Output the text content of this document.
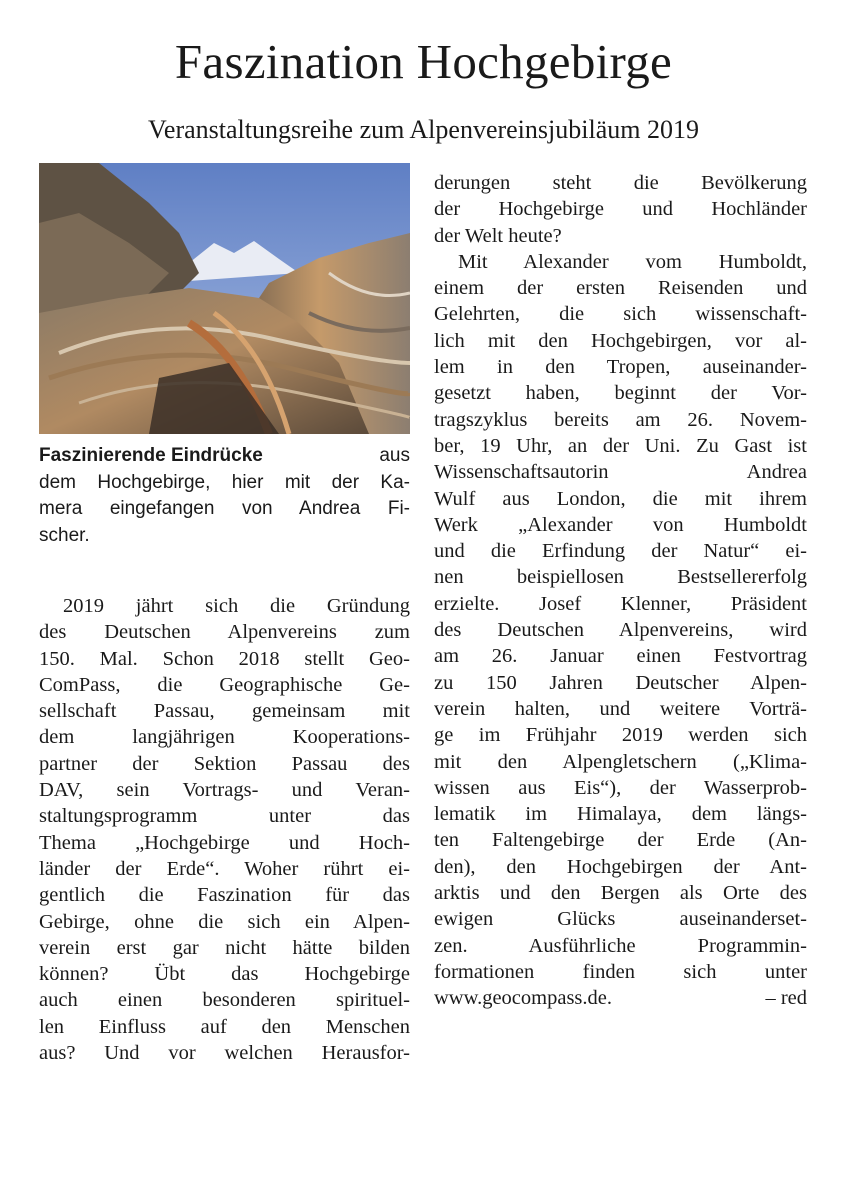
Faszination Hochgebirge
Veranstaltungsreihe zum Alpenvereinsjubiläum 2019
Faszinierende Eindrücke	aus
dem Hochgebirge, hier mit der Ka-
mera eingefangen von Andrea Fi-
scher.
2019 jährt sich die Gründung
des Deutschen Alpenvereins zum
150. Mal. Schon 2018 stellt Geo-
ComPass, die Geographische Ge-
sellschaft Passau, gemeinsam mit
dem langjährigen Kooperations-
partner der Sektion Passau des
DAV, sein Vortrags- und Veran-
staltungsprogramm unter das
Thema „Hochgebirge und Hoch-
länder der Erde“. Woher rührt ei-
gentlich die Faszination für das
Gebirge, ohne die sich ein Alpen-
verein erst gar nicht hätte bilden
können? Übt das Hochgebirge
auch einen besonderen spirituel-
len Einfluss auf den Menschen
aus? Und vor welchen Herausfor-
derungen steht die Bevölkerung
der Hochgebirge und Hochländer
der Welt heute?
Mit Alexander vom Humboldt,
einem der ersten Reisenden und
Gelehrten, die sich wissenschaft-
lich mit den Hochgebirgen, vor al-
lem in den Tropen, auseinander-
gesetzt haben, beginnt der Vor-
tragszyklus bereits am 26. Novem-
ber, 19 Uhr, an der Uni. Zu Gast ist
Wissenschaftsautorin Andrea
Wulf aus London, die mit ihrem
Werk „Alexander von Humboldt
und die Erfindung der Natur“ ei-
nen beispiellosen Bestsellererfolg
erzielte. Josef Klenner, Präsident
des Deutschen Alpenvereins, wird
am 26. Januar einen Festvortrag
zu 150 Jahren Deutscher Alpen-
verein halten, und weitere Vorträ-
ge im Frühjahr 2019 werden sich
mit den Alpengletschern („Klima-
wissen aus Eis“), der Wasserprob-
lematik im Himalaya, dem längs-
ten Faltengebirge der Erde (An-
den), den Hochgebirgen der Ant-
arktis und den Bergen als Orte des
ewigen Glücks auseinanderset-
zen. Ausführliche Programmin-
formationen finden sich unter
www.geocompass.de.	– red
